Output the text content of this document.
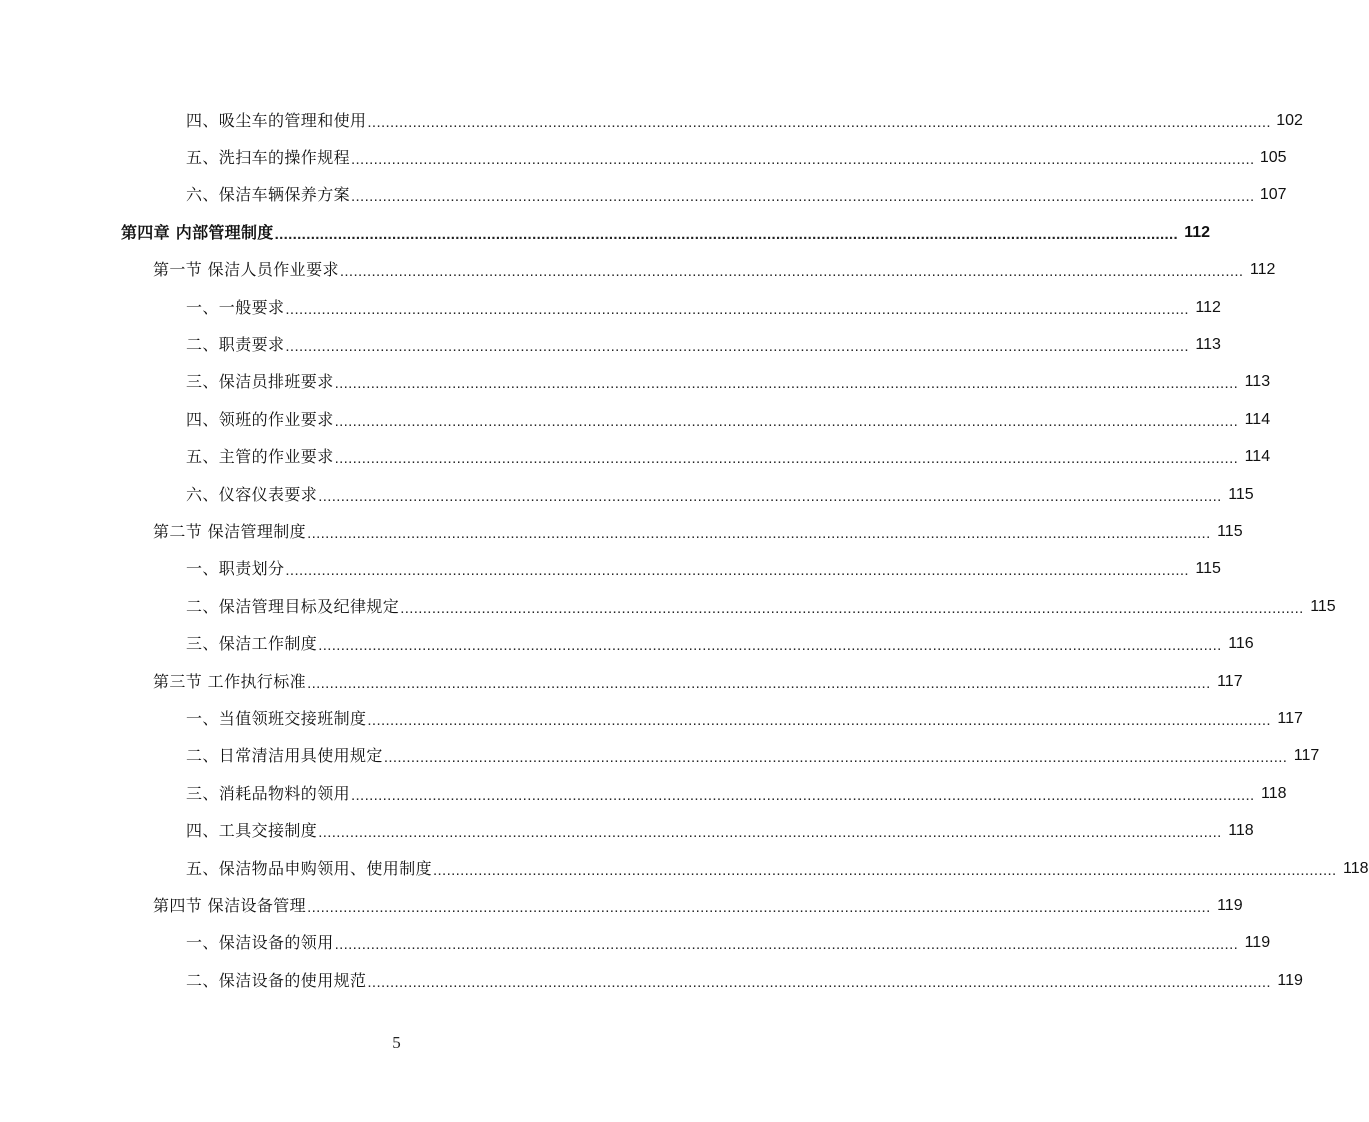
四、吸尘车的管理和使用 ........................................................................................................................................................................................................ 102
五、洗扫车的操作规程 ........................................................................................................................................................................................................ 105
六、保洁车辆保养方案 ........................................................................................................................................................................................................ 107
第四章 内部管理制度 ........................................................................................................................................................................................................ 112
第一节 保洁人员作业要求 ........................................................................................................................................................................................................ 112
一、一般要求 ........................................................................................................................................................................................................ 112
二、职责要求 ........................................................................................................................................................................................................ 113
三、保洁员排班要求 ........................................................................................................................................................................................................ 113
四、领班的作业要求 ........................................................................................................................................................................................................ 114
五、主管的作业要求 ........................................................................................................................................................................................................ 114
六、仪容仪表要求 ........................................................................................................................................................................................................ 115
第二节 保洁管理制度 ........................................................................................................................................................................................................ 115
一、职责划分 ........................................................................................................................................................................................................ 115
二、保洁管理目标及纪律规定 ........................................................................................................................................................................................................ 115
三、保洁工作制度 ........................................................................................................................................................................................................ 116
第三节 工作执行标准 ........................................................................................................................................................................................................ 117
一、当值领班交接班制度 ........................................................................................................................................................................................................ 117
二、日常清洁用具使用规定 ........................................................................................................................................................................................................ 117
三、消耗品物料的领用 ........................................................................................................................................................................................................ 118
四、工具交接制度 ........................................................................................................................................................................................................ 118
五、保洁物品申购领用、使用制度 ........................................................................................................................................................................................................ 118
第四节 保洁设备管理 ........................................................................................................................................................................................................ 119
一、保洁设备的领用 ........................................................................................................................................................................................................ 119
二、保洁设备的使用规范 ........................................................................................................................................................................................................ 119
5
